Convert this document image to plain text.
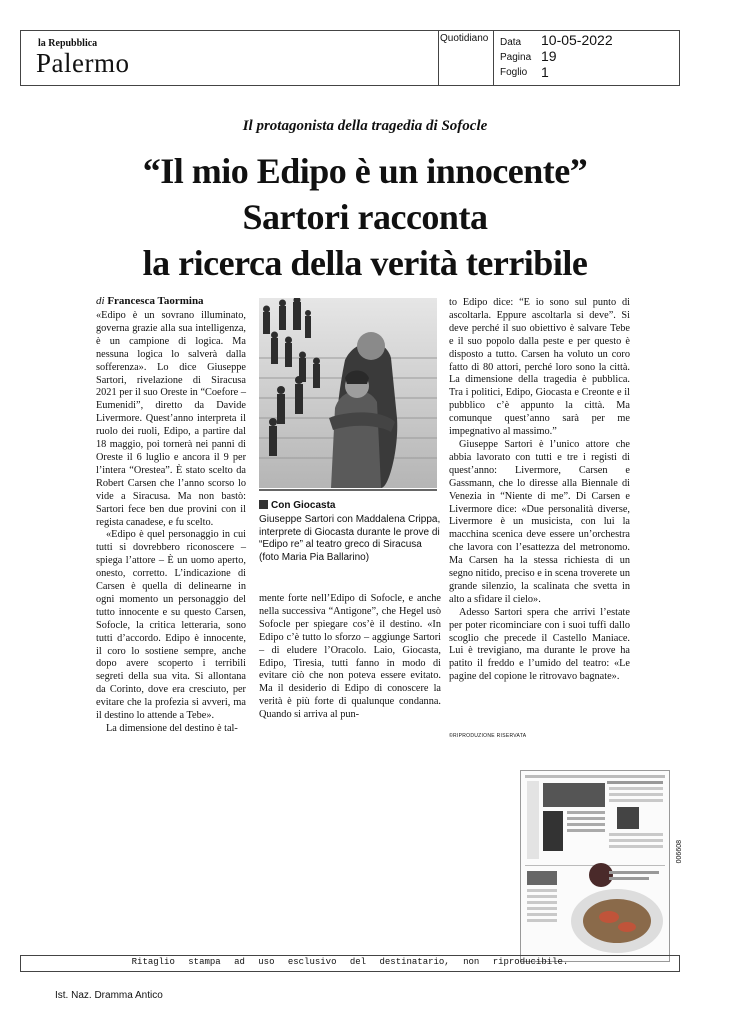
la Repubblica
Palermo
Quotidiano Data 10-05-2022
Pagina 19
Foglio 1
Il protagonista della tragedia di Sofocle
“Il mio Edipo è un innocente”
Sartori racconta
la ricerca della verità terribile
di Francesca Taormina

«Edipo è un sovrano illuminato, governa grazie alla sua intelligenza, è un campione di logica. Ma nessuna logica lo salverà dalla sofferenza». Lo dice Giuseppe Sartori, rivelazione di Siracusa 2021 per il suo Oreste in “Coefore – Eumenidi”, diretto da Davide Livermore. Quest’anno interpreta il ruolo dei ruoli, Edipo, a partire dal 18 maggio, poi tornerà nei panni di Oreste il 6 luglio e ancora il 9 per l’intera “Orestea”. È stato scelto da Robert Carsen che l’anno scorso lo vide a Siracusa. Ma non bastò: Sartori fece ben due provini con il regista canadese, e fu scelto.

«Edipo è quel personaggio in cui tutti si dovrebbero riconoscere – spiega l’attore – È un uomo aperto, onesto, corretto. L’indicazione di Carsen è quella di delinearne in ogni momento un personaggio del tutto innocente e su questo Carsen, Sofocle, la critica letteraria, sono tutti d’accordo. Edipo è innocente, il coro lo sostiene sempre, anche dopo avere scoperto i terribili segreti della sua vita. Si allontana da Corinto, dove era cresciuto, per evitare che la profezia si avveri, ma il destino lo attende a Tebe».

La dimensione del destino è tal-

Con Giocasta
Giuseppe Sartori con Maddalena Crippa, interprete di Giocasta durante le prove di “Edipo re” al teatro greco di Siracusa (foto Maria Pia Ballarino)

mente forte nell’Edipo di Sofocle, e anche nella successiva “Antigone”, che Hegel usò Sofocle per spiegare cos’è il destino. «In Edipo c’è tutto lo sforzo – aggiunge Sartori – di eludere l’Oracolo. Laio, Giocasta, Edipo, Tiresia, tutti fanno in modo di evitare ciò che non poteva essere evitato. Ma il desiderio di Edipo di conoscere la verità è più forte di qualunque condanna. Quando si arriva al pun-

to Edipo dice: “E io sono sul punto di ascoltarla. Eppure ascoltarla si deve”. Si deve perché il suo obiettivo è salvare Tebe e il suo popolo dalla peste e per questo è disposto a tutto. Carsen ha voluto un coro fatto di 80 attori, perché loro sono la città. La dimensione della tragedia è pubblica. Tra i politici, Edipo, Giocasta e Creonte e il pubblico c’è appunto la città. Ma comunque quest’anno sarà per me impegnativo al massimo.”

Giuseppe Sartori è l’unico attore che abbia lavorato con tutti e tre i registi di quest’anno: Livermore, Carsen e Gassmann, che lo diresse alla Biennale di Venezia in “Niente di me”. Di Carsen e Livermore dice: «Due personalità diverse, Livermore è un musicista, con lui la macchina scenica deve essere un’orchestra che lavora con l’esattezza del metronomo. Ma Carsen ha la stessa richiesta di un segno nitido, preciso e in scena troverete un grande silenzio, la scalinata che svetta in alto a sfidare il cielo».

Adesso Sartori spera che arrivi l’estate per poter ricominciare con i suoi tuffi dallo scoglio che precede il Castello Maniace. Lui è trevigiano, ma durante le prove ha patito il freddo e l’umido del teatro: «Le pagine del copione le ritrovavo bagnate».

©RIPRODUZIONE RISERVATA
006608
Ritaglio stampa ad uso esclusivo del destinatario, non riproducibile.
Ist. Naz. Dramma Antico
